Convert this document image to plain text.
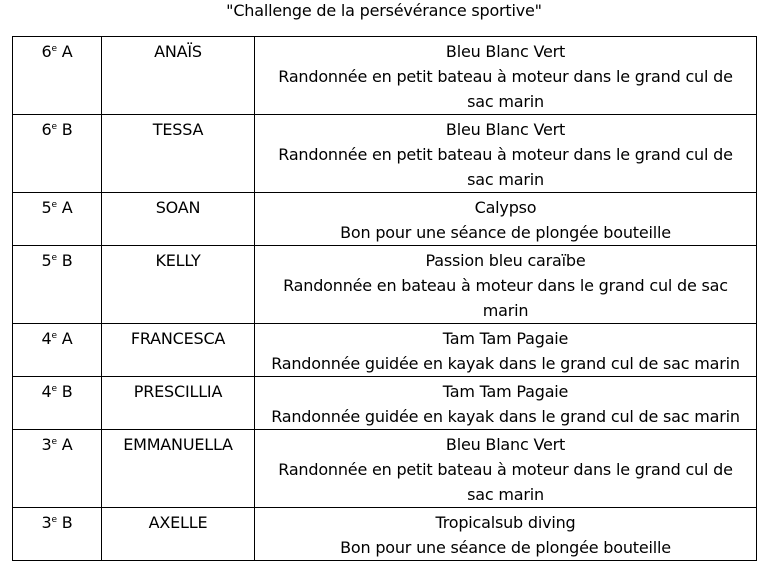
"Challenge de la persévérance sportive"
6e A	ANAÏS	Bleu Blanc Vert
Randonnée en petit bateau à moteur dans le grand cul de
sac marin

6e B	TESSA	Bleu Blanc Vert
Randonnée en petit bateau à moteur dans le grand cul de
sac marin

5e A	SOAN	Calypso
Bon pour une séance de plongée bouteille

5e B	KELLY	Passion bleu caraïbe
Randonnée en bateau à moteur dans le grand cul de sac
marin

4e A	FRANCESCA	Tam Tam Pagaie
Randonnée guidée en kayak dans le grand cul de sac marin

4e B	PRESCILLIA	Tam Tam Pagaie
Randonnée guidée en kayak dans le grand cul de sac marin

3e A	EMMANUELLA	Bleu Blanc Vert
Randonnée en petit bateau à moteur dans le grand cul de
sac marin

3e B	AXELLE	Tropicalsub diving
Bon pour une séance de plongée bouteille
